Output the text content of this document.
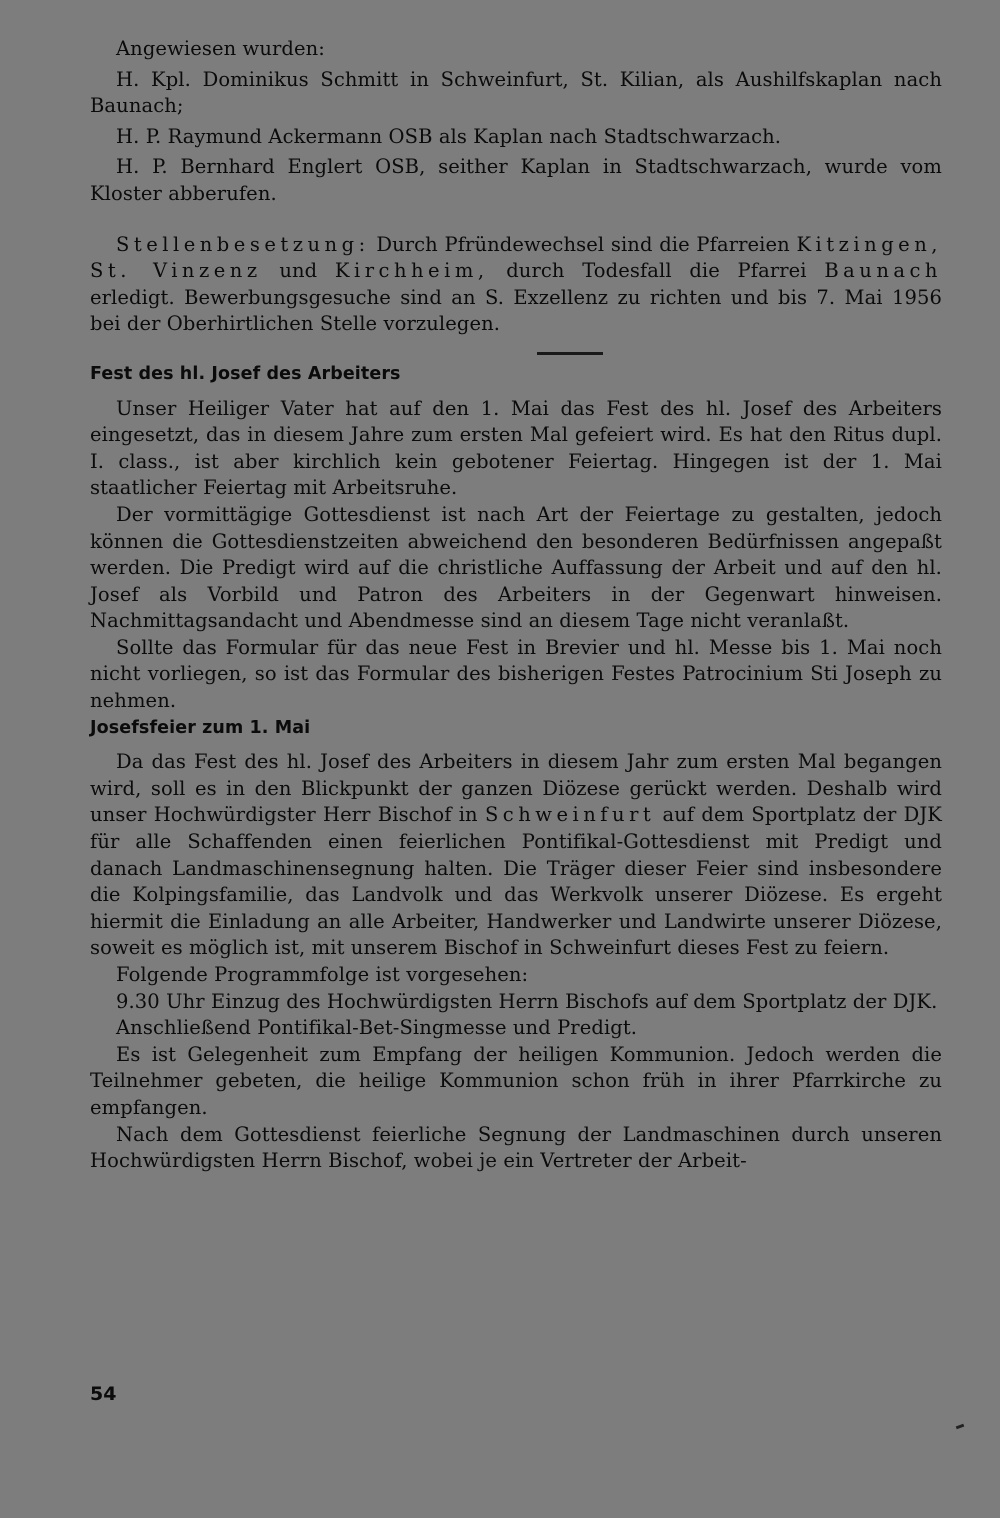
Angewiesen wurden:

H. Kpl. Dominikus Schmitt in Schweinfurt, St. Kilian, als Aushilfskaplan nach Baunach;

H. P. Raymund Ackermann OSB als Kaplan nach Stadtschwarzach.

H. P. Bernhard Englert OSB, seither Kaplan in Stadtschwarzach, wurde vom Kloster abberufen.

Stellenbesetzung: Durch Pfründewechsel sind die Pfarreien Kitzingen, St. Vinzenz und Kirchheim, durch Todesfall die Pfarrei Baunach erledigt. Bewerbungsgesuche sind an S. Exzellenz zu richten und bis 7. Mai 1956 bei der Oberhirtlichen Stelle vorzulegen.

Fest des hl. Josef des Arbeiters

Unser Heiliger Vater hat auf den 1. Mai das Fest des hl. Josef des Arbeiters eingesetzt, das in diesem Jahre zum ersten Mal gefeiert wird. Es hat den Ritus dupl. I. class., ist aber kirchlich kein gebotener Feiertag. Hingegen ist der 1. Mai staatlicher Feiertag mit Arbeitsruhe.

Der vormittägige Gottesdienst ist nach Art der Feiertage zu gestalten, jedoch können die Gottesdienstzeiten abweichend den besonderen Bedürfnissen angepaßt werden. Die Predigt wird auf die christliche Auffassung der Arbeit und auf den hl. Josef als Vorbild und Patron des Arbeiters in der Gegenwart hinweisen. Nachmittagsandacht und Abendmesse sind an diesem Tage nicht veranlaßt.

Sollte das Formular für das neue Fest in Brevier und hl. Messe bis 1. Mai noch nicht vorliegen, so ist das Formular des bisherigen Festes Patrocinium Sti Joseph zu nehmen.

Josefsfeier zum 1. Mai

Da das Fest des hl. Josef des Arbeiters in diesem Jahr zum ersten Mal begangen wird, soll es in den Blickpunkt der ganzen Diözese gerückt werden. Deshalb wird unser Hochwürdigster Herr Bischof in Schweinfurt auf dem Sportplatz der DJK für alle Schaffenden einen feierlichen Pontifikal-Gottesdienst mit Predigt und danach Landmaschinensegnung halten. Die Träger dieser Feier sind insbesondere die Kolpingsfamilie, das Landvolk und das Werkvolk unserer Diözese. Es ergeht hiermit die Einladung an alle Arbeiter, Handwerker und Landwirte unserer Diözese, soweit es möglich ist, mit unserem Bischof in Schweinfurt dieses Fest zu feiern.

Folgende Programmfolge ist vorgesehen:

9.30 Uhr Einzug des Hochwürdigsten Herrn Bischofs auf dem Sportplatz der DJK.

Anschließend Pontifikal-Bet-Singmesse und Predigt.

Es ist Gelegenheit zum Empfang der heiligen Kommunion. Jedoch werden die Teilnehmer gebeten, die heilige Kommunion schon früh in ihrer Pfarrkirche zu empfangen.

Nach dem Gottesdienst feierliche Segnung der Landmaschinen durch unseren Hochwürdigsten Herrn Bischof, wobei je ein Vertreter der Arbeit-

54
